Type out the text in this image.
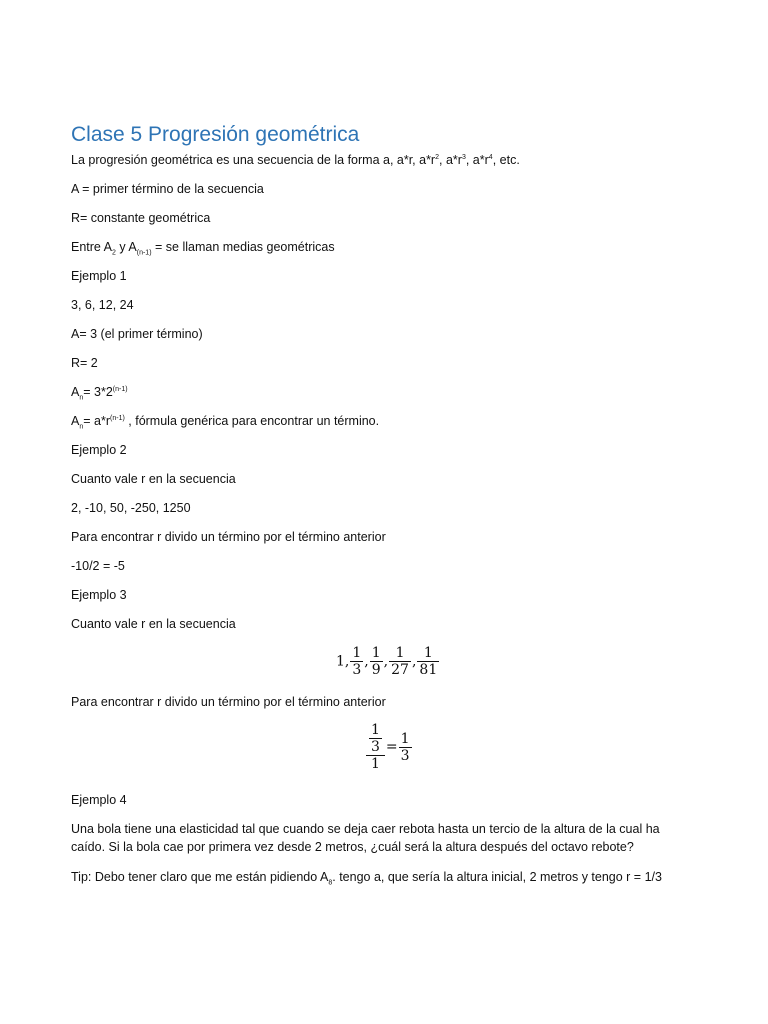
Clase 5 Progresión geométrica
La progresión geométrica es una secuencia de la forma a, a*r, $a*r^2$, $a*r^3$, $a*r^4$, etc.
A = primer término de la secuencia
R= constante geométrica
Entre $A_2$ y $A_{(n-1)}$ = se llaman medias geométricas
Ejemplo 1
3, 6, 12, 24
A= 3 (el primer término)
R= 2
$A_n= 3*2^{(n-1)}$
$A_n= a*r^{(n-1)}$ , fórmula genérica para encontrar un término.
Ejemplo 2
Cuanto vale r en la secuencia
2, -10, 50, -250, 1250
Para encontrar r divido un término por el término anterior
-10/2 = -5
Ejemplo 3
Cuanto vale r en la secuencia
1, $\frac{1}{3}$ , $\frac{1}{9}$ , $\frac{1}{27}$ , $\frac{1}{81}$
Para encontrar r divido un término por el término anterior
$\frac{\frac{1}{3}}{1} = \frac{1}{3}$
Ejemplo 4
Una bola tiene una elasticidad tal que cuando se deja caer rebota hasta un tercio de la altura de la cual ha caído. Si la bola cae por primera vez desde 2 metros, ¿cuál será la altura después del octavo rebote?
Tip: Debo tener claro que me están pidiendo $A_8$. tengo a, que sería la altura inicial, 2 metros y tengo r = 1/3
